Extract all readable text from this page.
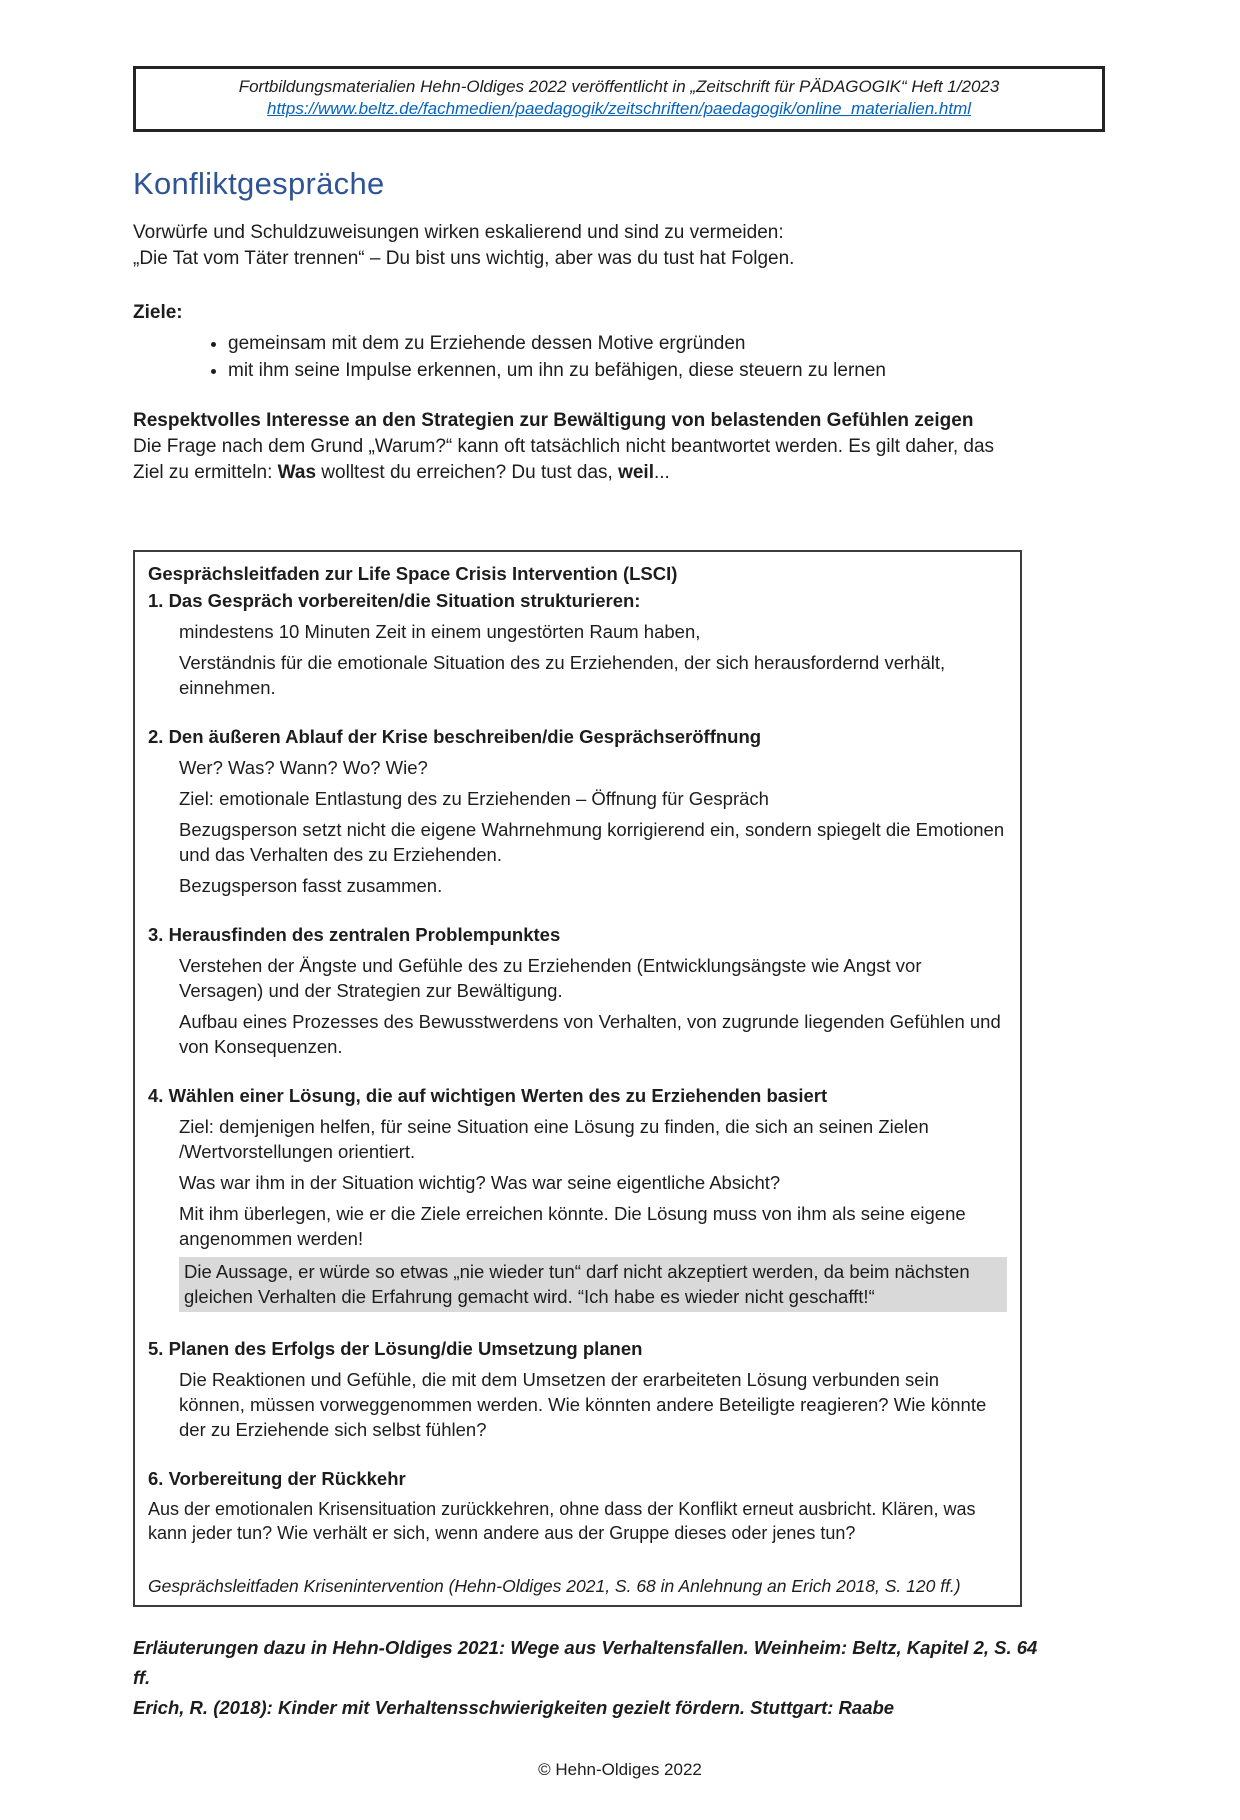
Fortbildungsmaterialien Hehn-Oldiges 2022 veröffentlicht in „Zeitschrift für PÄDAGOGIK“ Heft 1/2023
https://www.beltz.de/fachmedien/paedagogik/zeitschriften/paedagogik/online_materialien.html
Konfliktgespräche

Vorwürfe und Schuldzuweisungen wirken eskalierend und sind zu vermeiden:
„Die Tat vom Täter trennen“ – Du bist uns wichtig, aber was du tust hat Folgen.

Ziele:
• gemeinsam mit dem zu Erziehende dessen Motive ergründen
• mit ihm seine Impulse erkennen, um ihn zu befähigen, diese steuern zu lernen
Respektvolles Interesse an den Strategien zur Bewältigung von belastenden Gefühlen zeigen

Die Frage nach dem Grund „Warum?“ kann oft tatsächlich nicht beantwortet werden. Es gilt daher, das Ziel zu ermitteln: Was wolltest du erreichen? Du tust das, weil...

Gesprächsleitfaden zur Life Space Crisis Intervention (LSCI)
1. Das Gespräch vorbereiten/die Situation strukturieren:
mindestens 10 Minuten Zeit in einem ungestörten Raum haben,
Verständnis für die emotionale Situation des zu Erziehenden, der sich herausfordernd verhält, einnehmen.
2. Den äußeren Ablauf der Krise beschreiben/die Gesprächseröffnung
Wer? Was? Wann? Wo? Wie?
Ziel: emotionale Entlastung des zu Erziehenden – Öffnung für Gespräch
Bezugsperson setzt nicht die eigene Wahrnehmung korrigierend ein, sondern spiegelt die Emotionen und das Verhalten des zu Erziehenden.
Bezugsperson fasst zusammen.
3. Herausfinden des zentralen Problempunktes
Verstehen der Ängste und Gefühle des zu Erziehenden (Entwicklungsängste wie Angst vor Versagen) und der Strategien zur Bewältigung.
Aufbau eines Prozesses des Bewusstwerdens von Verhalten, von zugrunde liegenden Gefühlen und von Konsequenzen.
4. Wählen einer Lösung, die auf wichtigen Werten des zu Erziehenden basiert
Ziel: demjenigen helfen, für seine Situation eine Lösung zu finden, die sich an seinen Zielen /Wertvorstellungen orientiert.
Was war ihm in der Situation wichtig? Was war seine eigentliche Absicht?
Mit ihm überlegen, wie er die Ziele erreichen könnte. Die Lösung muss von ihm als seine eigene angenommen werden!
Die Aussage, er würde so etwas „nie wieder tun“ darf nicht akzeptiert werden, da beim nächsten gleichen Verhalten die Erfahrung gemacht wird. “Ich habe es wieder nicht geschafft!“
5. Planen des Erfolgs der Lösung/die Umsetzung planen
Die Reaktionen und Gefühle, die mit dem Umsetzen der erarbeiteten Lösung verbunden sein können, müssen vorweggenommen werden. Wie könnten andere Beteiligte reagieren? Wie könnte der zu Erziehende sich selbst fühlen?
6. Vorbereitung der Rückkehr
Aus der emotionalen Krisensituation zurückkehren, ohne dass der Konflikt erneut ausbricht. Klären, was kann jeder tun? Wie verhält er sich, wenn andere aus der Gruppe dieses oder jenes tun?
Gesprächsleitfaden Krisenintervention (Hehn-Oldiges 2021, S. 68 in Anlehnung an Erich 2018, S. 120 ff.)
Erläuterungen dazu in Hehn-Oldiges 2021: Wege aus Verhaltensfallen. Weinheim: Beltz, Kapitel 2, S. 64 ff.
Erich, R. (2018): Kinder mit Verhaltensschwierigkeiten gezielt fördern. Stuttgart: Raabe
© Hehn-Oldiges 2022
